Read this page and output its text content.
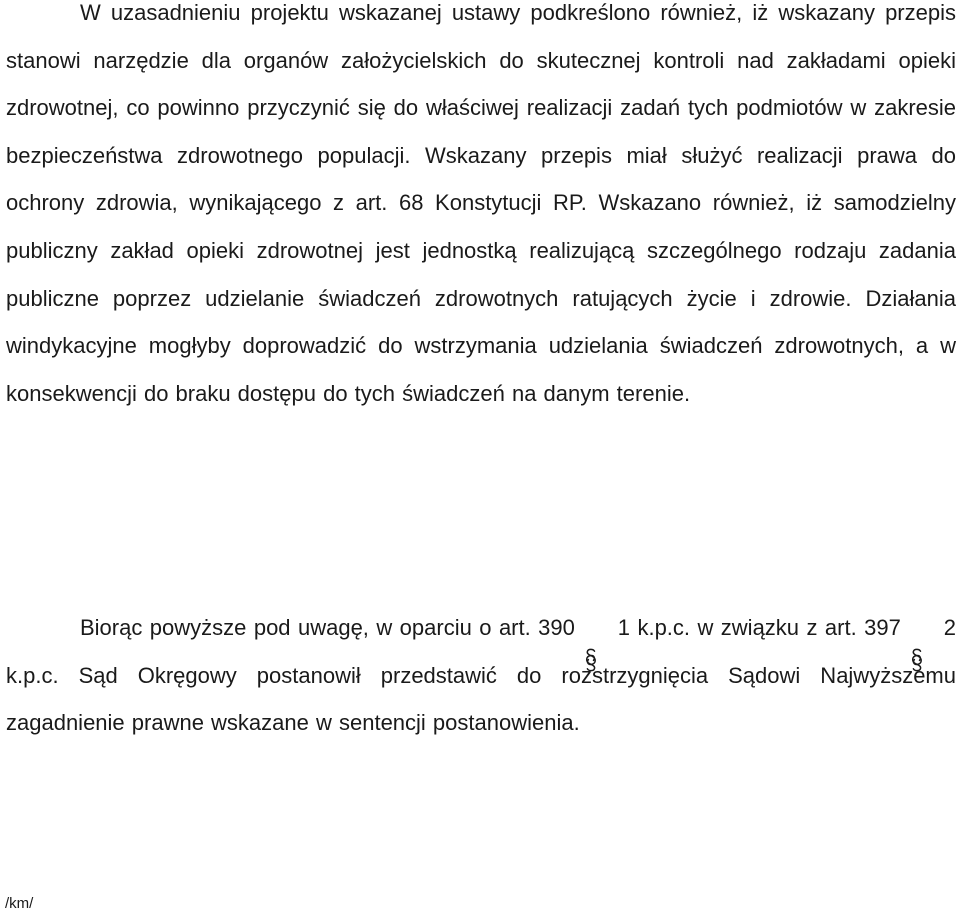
W uzasadnieniu projektu wskazanej ustawy podkreślono również, iż wskazany przepis stanowi narzędzie dla organów założycielskich do skutecznej kontroli nad zakładami opieki zdrowotnej, co powinno przyczynić się do właściwej realizacji zadań tych podmiotów w zakresie bezpieczeństwa zdrowotnego populacji. Wskazany przepis miał służyć realizacji prawa do ochrony zdrowia, wynikającego z art. 68 Konstytucji RP. Wskazano również, iż samodzielny publiczny zakład opieki zdrowotnej jest jednostką realizującą szczególnego rodzaju zadania publiczne poprzez udzielanie świadczeń zdrowotnych ratujących życie i zdrowie. Działania windykacyjne mogłyby doprowadzić do wstrzymania udzielania świadczeń zdrowotnych, a w konsekwencji do braku dostępu do tych świadczeń na danym terenie.

Biorąc powyższe pod uwagę, w oparciu o art. 390 1 k.p.c. w związku z art. 397 2 k.p.c. Sąd Okręgowy postanowił przedstawić do rozstrzygnięcia Sądowi Najwyższemu zagadnienie prawne wskazane w sentencji postanowienia.

/km/
